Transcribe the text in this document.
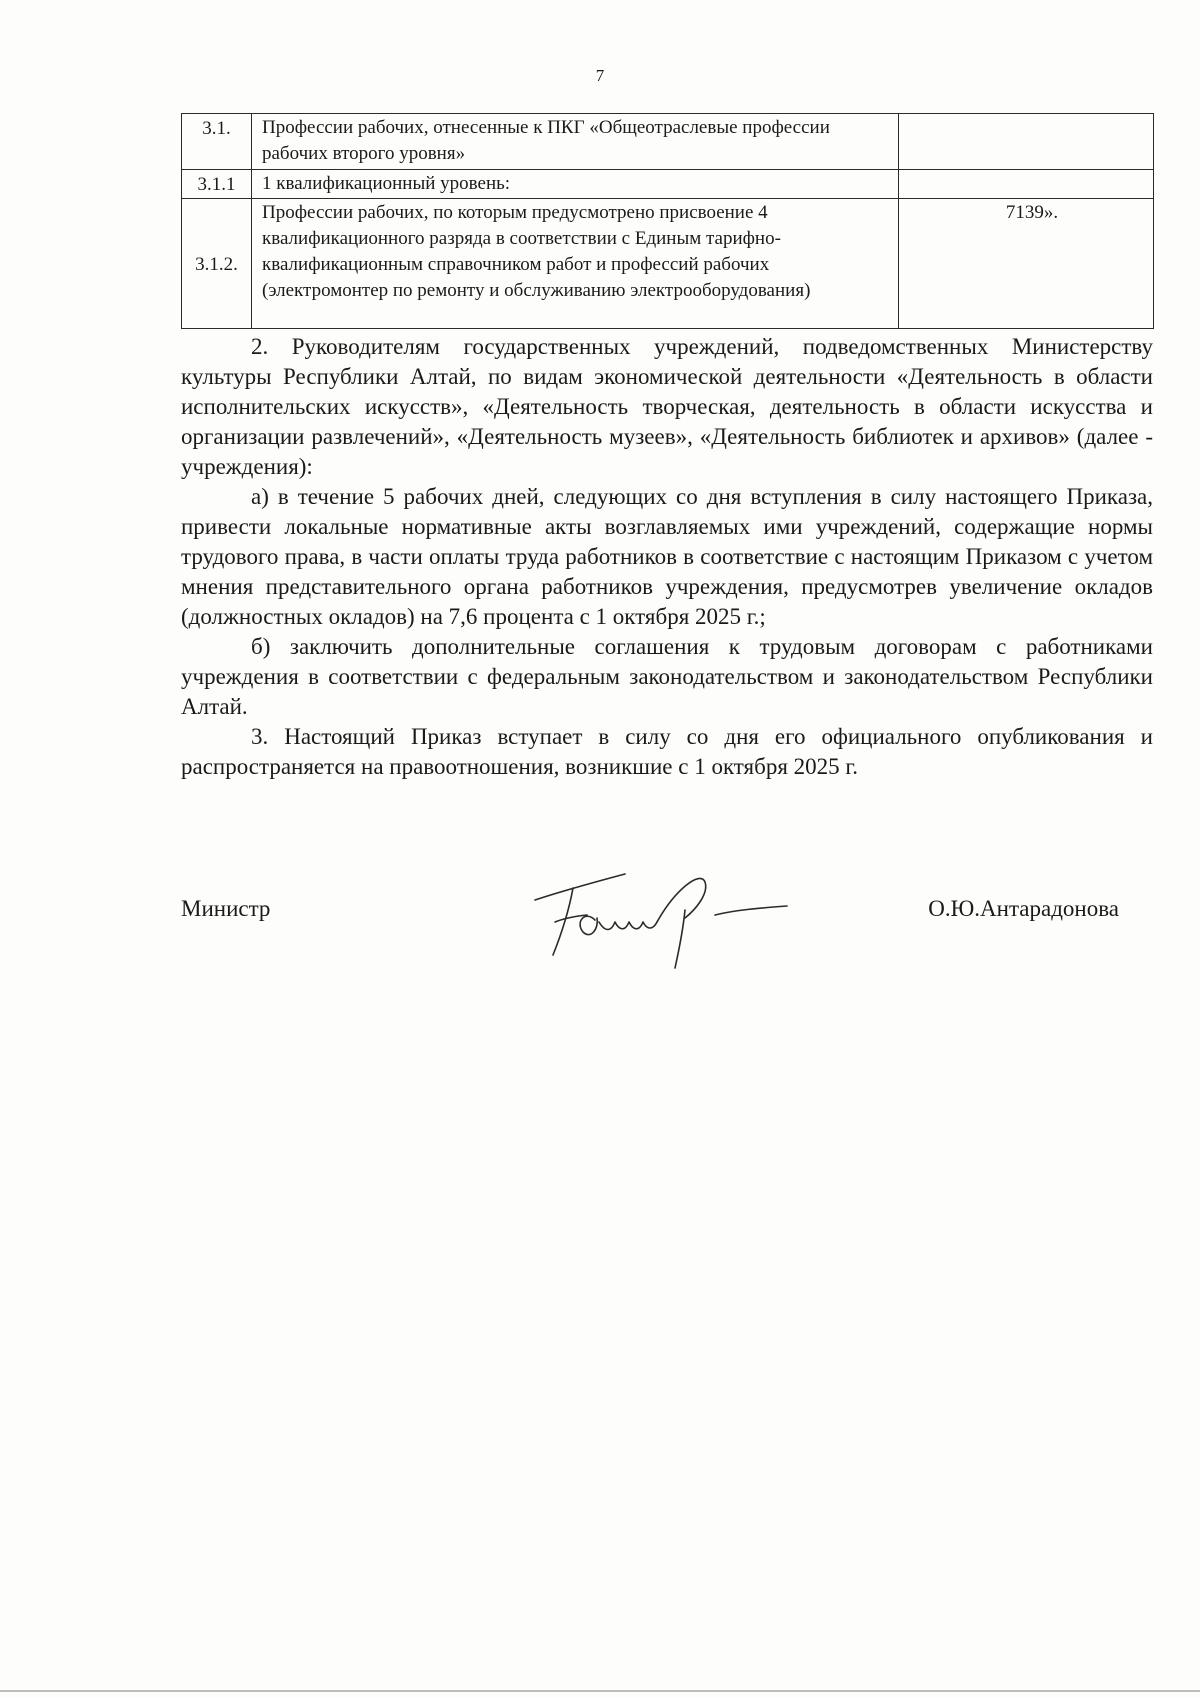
7
3.1.	Профессии рабочих, отнесенные к ПКГ «Общеотраслевые профессии рабочих второго уровня»	
3.1.1	1 квалификационный уровень:	
3.1.2.	Профессии рабочих, по которым предусмотрено присвоение 4 квалификационного разряда в соответствии с Единым тарифно-квалификационным справочником работ и профессий рабочих (электромонтер по ремонту и обслуживанию электрооборудования)	7139».

2. Руководителям государственных учреждений, подведомственных Министерству культуры Республики Алтай, по видам экономической деятельности «Деятельность в области исполнительских искусств», «Деятельность творческая, деятельность в области искусства и организации развлечений», «Деятельность музеев», «Деятельность библиотек и архивов» (далее - учреждения):

а) в течение 5 рабочих дней, следующих со дня вступления в силу настоящего Приказа, привести локальные нормативные акты возглавляемых ими учреждений, содержащие нормы трудового права, в части оплаты труда работников в соответствие с настоящим Приказом с учетом мнения представительного органа работников учреждения, предусмотрев увеличение окладов (должностных окладов) на 7,6 процента с 1 октября 2025 г.;

б) заключить дополнительные соглашения к трудовым договорам с работниками учреждения в соответствии с федеральным законодательством и законодательством Республики Алтай.

3. Настоящий Приказ вступает в силу со дня его официального опубликования и распространяется на правоотношения, возникшие с 1 октября 2025 г.

Министр	О.Ю.Антарадонова
